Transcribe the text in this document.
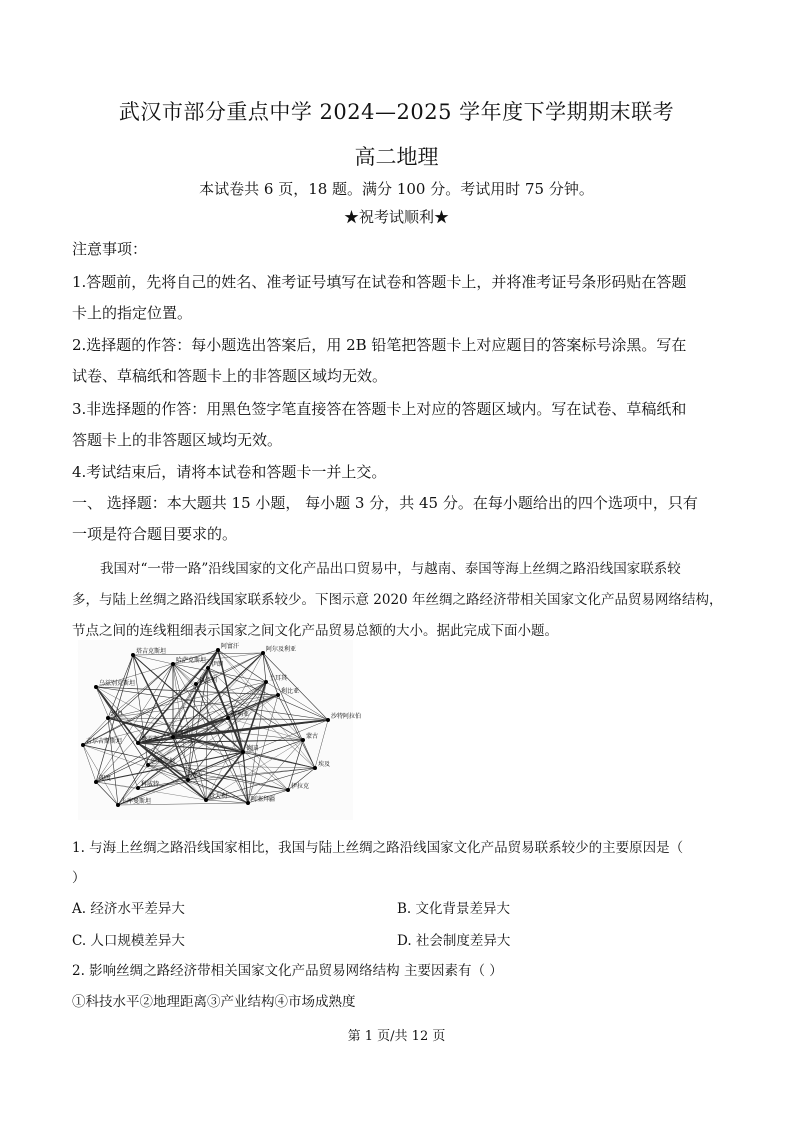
武汉市部分重点中学 2024—2025 学年度下学期期末联考
高二地理
本试卷共 6 页，18 题。满分 100 分。考试用时 75 分钟。
★祝考试顺利★
注意事项：
1.答题前，先将自己的姓名、准考证号填写在试卷和答题卡上，并将准考证号条形码贴在答题
卡上的指定位置。
2.选择题的作答：每小题选出答案后，用 2B 铅笔把答题卡上对应题目的答案标号涂黑。写在
试卷、草稿纸和答题卡上的非答题区域均无效。
3.非选择题的作答：用黑色签字笔直接答在答题卡上对应的答题区域内。写在试卷、草稿纸和
答题卡上的非答题区域均无效。
4.考试结束后，请将本试卷和答题卡一并上交。
一、 选择题：本大题共 15 小题， 每小题 3 分，共 45 分。在每小题给出的四个选项中，只有
一项是符合题目要求的。
我国对“一带一路”沿线国家的文化产品出口贸易中，与越南、泰国等海上丝绸之路沿线国家联系较
多，与陆上丝绸之路沿线国家联系较少。下图示意 2020 年丝绸之路经济带相关国家文化产品贸易网络结构，
节点之间的连线粗细表示国家之间文化产品贸易总额的大小。据此完成下面小题。
阿富汗	阿尔及利亚
塔吉克斯坦
哈萨克斯坦
伊朗
以色列	土耳其
利比亚
乌兹别克斯坦
沙特阿拉伯
吉尔吉斯斯坦	俄罗斯
中国
德国
巴基斯坦	埃及
意大利
伊拉克
上库曼斯坦	阿塞拜疆
印度
科威特
波兰
蒙古
叙利亚
约旦
1. 与海上丝绸之路沿线国家相比，我国与陆上丝绸之路沿线国家文化产品贸易联系较少的主要原因是（
）
A. 经济水平差异大	B. 文化背景差异大
C. 人口规模差异大	D. 社会制度差异大
2. 影响丝绸之路经济带相关国家文化产品贸易网络结构 主要因素有（ ）
①科技水平②地理距离③产业结构④市场成熟度
第 1 页/共 12 页
